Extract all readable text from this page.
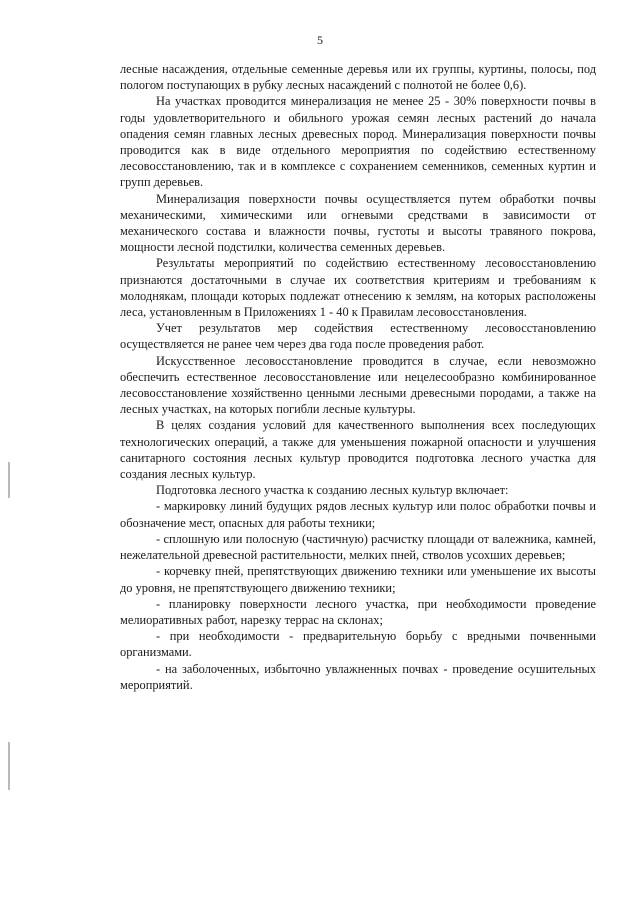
5

лесные насаждения, отдельные семенные деревья или их группы, куртины, полосы, под пологом поступающих в рубку лесных насаждений с полнотой не более 0,6).

На участках проводится минерализация не менее 25 - 30% поверхности почвы в годы удовлетворительного и обильного урожая семян лесных растений до начала опадения семян главных лесных древесных пород. Минерализация поверхности почвы проводится как в виде отдельного мероприятия по содействию естественному лесовосстановлению, так и в комплексе с сохранением семенников, семенных куртин и групп деревьев.

Минерализация поверхности почвы осуществляется путем обработки почвы механическими, химическими или огневыми средствами в зависимости от механического состава и влажности почвы, густоты и высоты травяного покрова, мощности лесной подстилки, количества семенных деревьев.

Результаты мероприятий по содействию естественному лесовосстановлению признаются достаточными в случае их соответствия критериям и требованиям к молоднякам, площади которых подлежат отнесению к землям, на которых расположены леса, установленным в Приложениях 1 - 40 к Правилам лесовосстановления.

Учет результатов мер содействия естественному лесовосстановлению осуществляется не ранее чем через два года после проведения работ.

Искусственное лесовосстановление проводится в случае, если невозможно обеспечить естественное лесовосстановление или нецелесообразно комбинированное лесовосстановление хозяйственно ценными лесными древесными породами, а также на лесных участках, на которых погибли лесные культуры.

В целях создания условий для качественного выполнения всех последующих технологических операций, а также для уменьшения пожарной опасности и улучшения санитарного состояния лесных культур проводится подготовка лесного участка для создания лесных культур.

Подготовка лесного участка к созданию лесных культур включает:

- маркировку линий будущих рядов лесных культур или полос обработки почвы и обозначение мест, опасных для работы техники;

- сплошную или полосную (частичную) расчистку площади от валежника, камней, нежелательной древесной растительности, мелких пней, стволов усохших деревьев;

- корчевку пней, препятствующих движению техники или уменьшение их высоты до уровня, не препятствующего движению техники;

- планировку поверхности лесного участка, при необходимости проведение мелиоративных работ, нарезку террас на склонах;

- при необходимости - предварительную борьбу с вредными почвенными организмами.

- на заболоченных, избыточно увлажненных почвах - проведение осушительных мероприятий.
